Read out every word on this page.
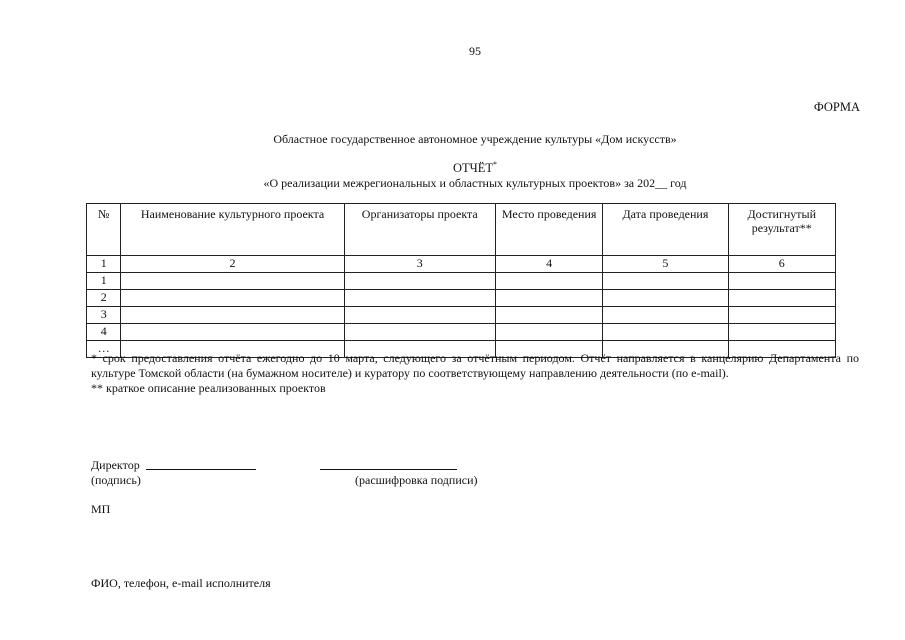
95
ФОРМА
Областное государственное автономное учреждение культуры «Дом искусств»
ОТЧЁТ*
«О реализации межрегиональных и областных культурных проектов» за 202__ год
№	Наименование культурного проекта	Организаторы проекта	Место проведения	Дата проведения	Достигнутый результат**
1	2	3	4	5	6
1					
2					
3					
4					
…					

* срок предоставления отчёта ежегодно до 10 марта, следующего за отчётным периодом. Отчёт направляется в канцелярию Департамента по культуре Томской области (на бумажном носителе) и куратору по соответствующему направлению деятельности (по e-mail).

** краткое описание реализованных проектов

Директор
(подпись)	(расшифровка подписи)
МП
ФИО, телефон, e-mail исполнителя
